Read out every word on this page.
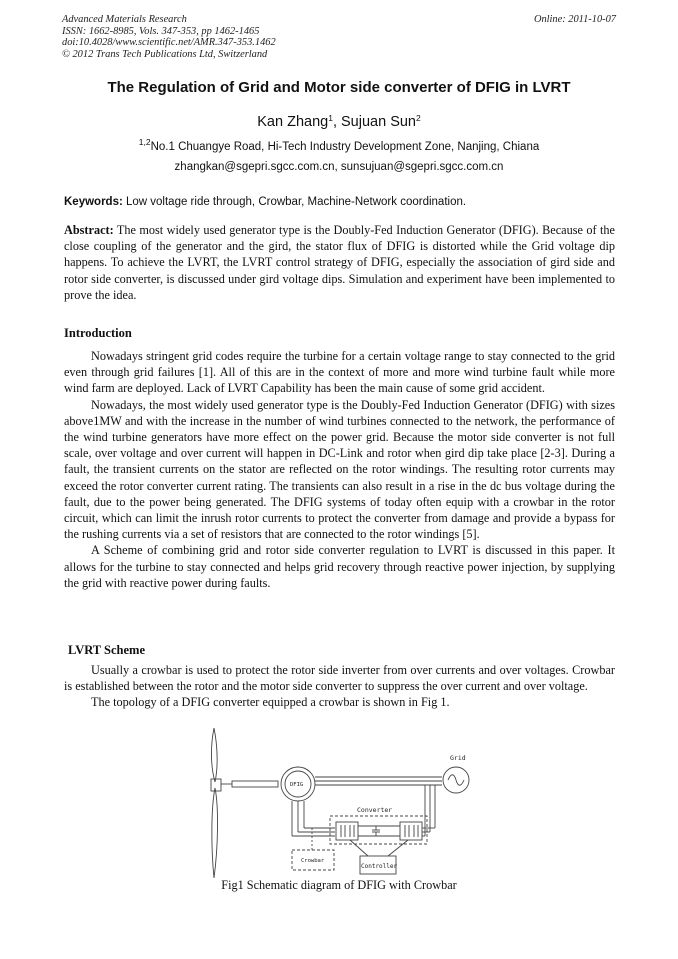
Advanced Materials Research
ISSN: 1662-8985, Vols. 347-353, pp 1462-1465
doi:10.4028/www.scientific.net/AMR.347-353.1462
© 2012 Trans Tech Publications Ltd, Switzerland
Online: 2011-10-07
The Regulation of Grid and Motor side converter of DFIG in LVRT
Kan Zhang$^1$, Sujuan Sun$^2$
$^{1,2}$No.1 Chuangye Road, Hi-Tech Industry Development Zone, Nanjing, Chiana
zhangkan@sgepri.sgcc.com.cn, sunsujuan@sgepri.sgcc.com.cn
Keywords: Low voltage ride through, Crowbar, Machine-Network coordination.

Abstract: The most widely used generator type is the Doubly-Fed Induction Generator (DFIG). Because of the close coupling of the generator and the gird, the stator flux of DFIG is distorted while the Grid voltage dip happens. To achieve the LVRT, the LVRT control strategy of DFIG, especially the association of gird side and rotor side converter, is discussed under gird voltage dips. Simulation and experiment have been implemented to prove the idea.

Introduction

Nowadays stringent grid codes require the turbine for a certain voltage range to stay connected to the grid even through grid failures [1]. All of this are in the context of more and more wind turbine fault while more wind farm are deployed. Lack of LVRT Capability has been the main cause of some grid accident.

Nowadays, the most widely used generator type is the Doubly-Fed Induction Generator (DFIG) with sizes above1MW and with the increase in the number of wind turbines connected to the network, the performance of the wind turbine generators have more effect on the power grid. Because the motor side converter is not full scale, over voltage and over current will happen in DC-Link and rotor when gird dip take place [2-3]. During a fault, the transient currents on the stator are reflected on the rotor windings. The resulting rotor currents may exceed the rotor converter current rating. The transients can also result in a rise in the dc bus voltage during the fault, due to the power being generated. The DFIG systems of today often equip with a crowbar in the rotor circuit, which can limit the inrush rotor currents to protect the converter from damage and provide a bypass for the rushing currents via a set of resistors that are connected to the rotor windings [5].

A Scheme of combining grid and rotor side converter regulation to LVRT is discussed in this paper. It allows for the turbine to stay connected and helps grid recovery through reactive power injection, by supplying the grid with reactive power during faults.

LVRT Scheme

Usually a crowbar is used to protect the rotor side inverter from over currents and over voltages. Crowbar is established between the rotor and the motor side converter to suppress the over current and over voltage.

The topology of a DFIG converter equipped a crowbar is shown in Fig 1.

Grid
DFIG
Converter
Crowbar
Controller
Fig1 Schematic diagram of DFIG with Crowbar
